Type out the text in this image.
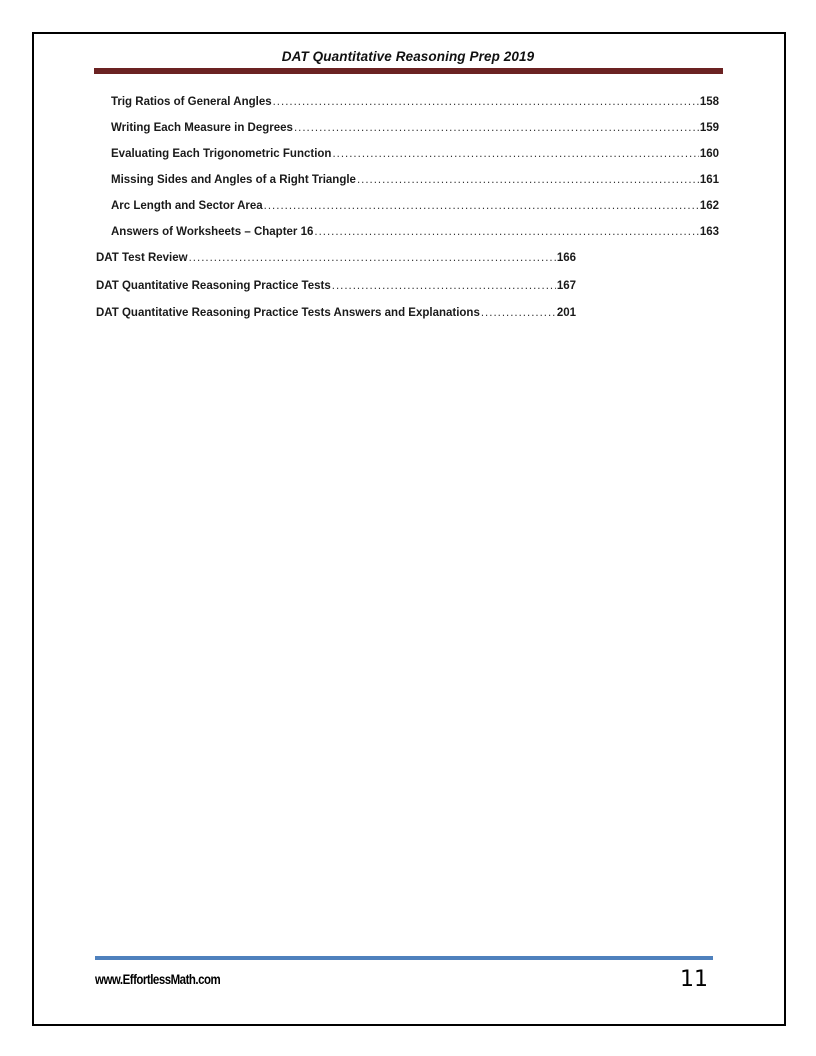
DAT Quantitative Reasoning Prep 2019
Trig Ratios of General Angles .....	158
Writing Each Measure in Degrees .....	159
Evaluating Each Trigonometric Function .....	160
Missing Sides and Angles of a Right Triangle .....	161
Arc Length and Sector Area .....	162
Answers of Worksheets – Chapter 16 .....	163
DAT Test Review .....	166
DAT Quantitative Reasoning Practice Tests .....	167
DAT Quantitative Reasoning Practice Tests Answers and Explanations .....	201
www.EffortlessMath.com	11
